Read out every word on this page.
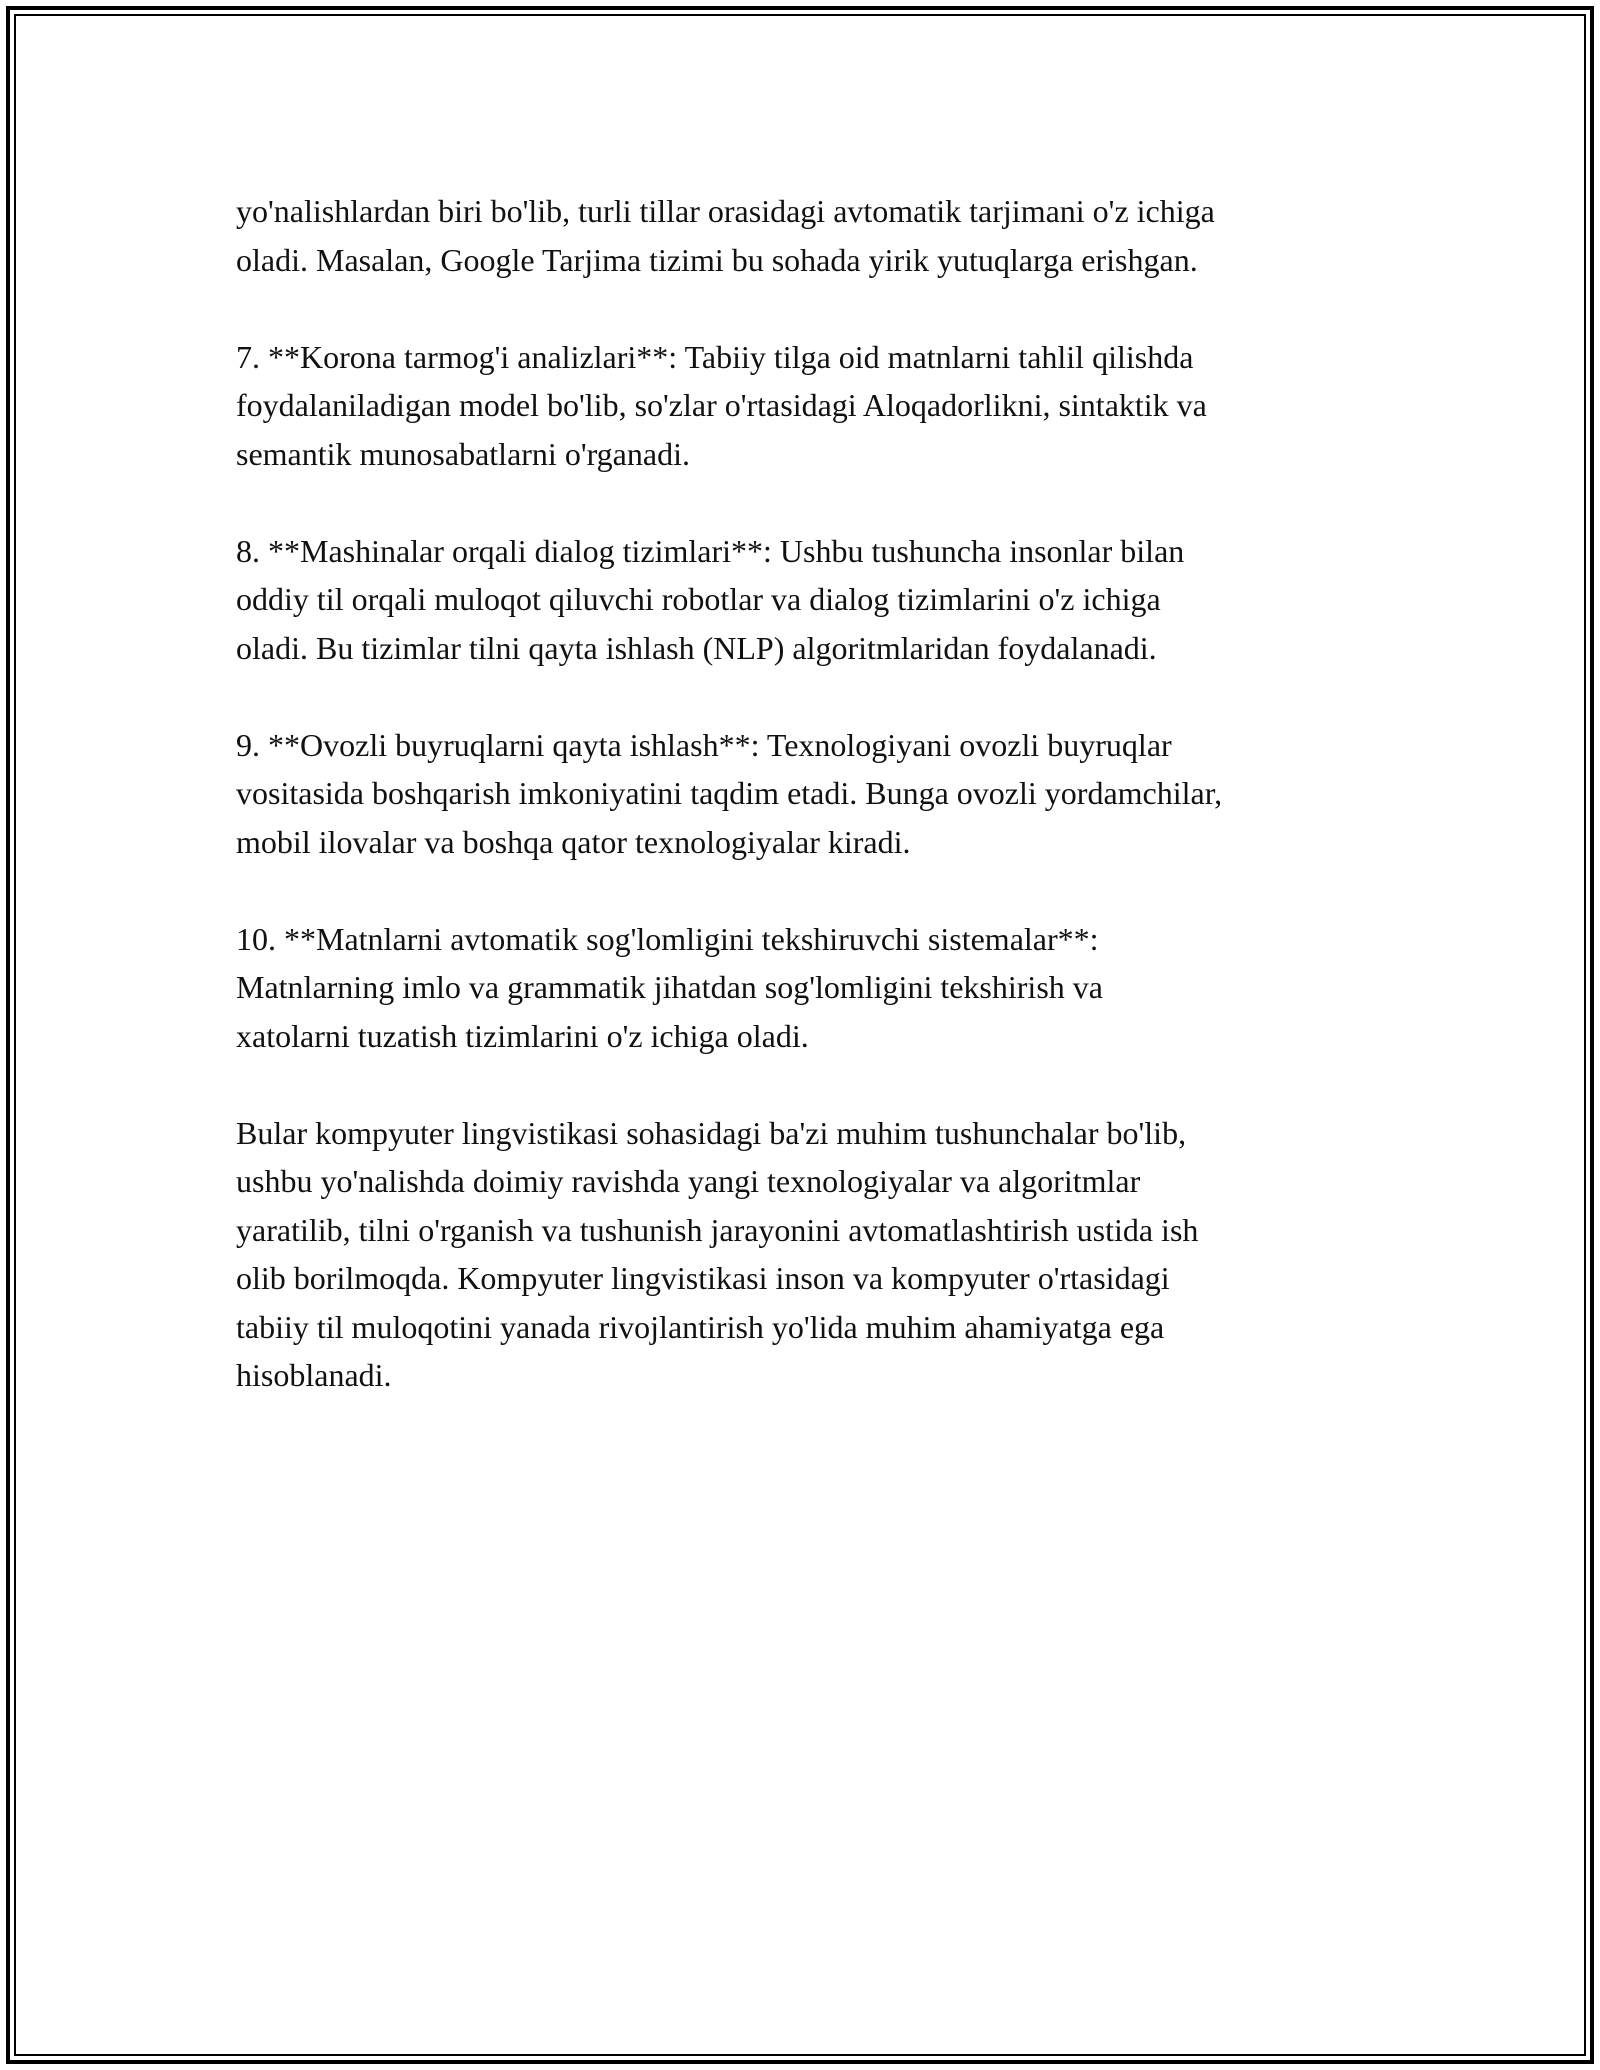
yo'nalishlardan biri bo'lib, turli tillar orasidagi avtomatik tarjimani o'z ichiga
oladi. Masalan, Google Tarjima tizimi bu sohada yirik yutuqlarga erishgan.

7. **Korona tarmog'i analizlari**: Tabiiy tilga oid matnlarni tahlil qilishda
foydalaniladigan model bo'lib, so'zlar o'rtasidagi Aloqadorlikni, sintaktik va
semantik munosabatlarni o'rganadi.

8. **Mashinalar orqali dialog tizimlari**: Ushbu tushuncha insonlar bilan
oddiy til orqali muloqot qiluvchi robotlar va dialog tizimlarini o'z ichiga
oladi. Bu tizimlar tilni qayta ishlash (NLP) algoritmlaridan foydalanadi.

9. **Ovozli buyruqlarni qayta ishlash**: Texnologiyani ovozli buyruqlar
vositasida boshqarish imkoniyatini taqdim etadi. Bunga ovozli yordamchilar,
mobil ilovalar va boshqa qator texnologiyalar kiradi.

10. **Matnlarni avtomatik sog'lomligini tekshiruvchi sistemalar**:
Matnlarning imlo va grammatik jihatdan sog'lomligini tekshirish va
xatolarni tuzatish tizimlarini o'z ichiga oladi.

Bular kompyuter lingvistikasi sohasidagi ba'zi muhim tushunchalar bo'lib,
ushbu yo'nalishda doimiy ravishda yangi texnologiyalar va algoritmlar
yaratilib, tilni o'rganish va tushunish jarayonini avtomatlashtirish ustida ish
olib borilmoqda. Kompyuter lingvistikasi inson va kompyuter o'rtasidagi
tabiiy til muloqotini yanada rivojlantirish yo'lida muhim ahamiyatga ega
hisoblanadi.
